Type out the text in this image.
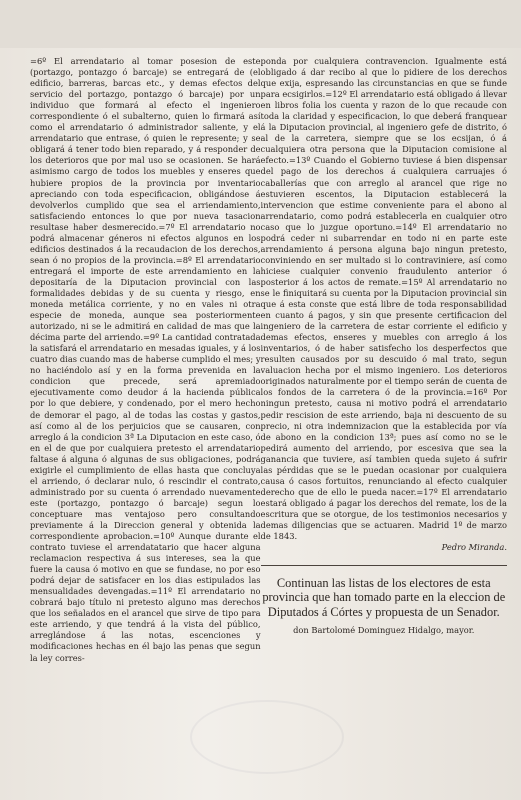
=6º El arrendatario al tomar posesion de este (portazgo, pontazgo ó barcaje) se entregará de (el edificio, barreras, barcas etc., y demas efectos del servicio del portazgo, pontazgo ó barcaje) por un individuo que formará al efecto el ingeniero correspondiente ó el subalterno, quien lo firmará así como el arrendatario ó administrador saliente, y el arrendatario que entrase, ó quien le represente; y se obligará á tener todo bien reparado, y á responder de los deterioros que por mal uso se ocasionen. Se hará asimismo cargo de todos los muebles y enseres que hubiere propios de la provincia por inventario apreciando con toda especificacion, obligándose á devolverlos cumplido que sea el arriendamiento, satisfaciendo entonces lo que por nueva tasacion resultase haber desmerecido.=7º El arrendatario no podrá almacenar géneros ni efectos algunos en los edificios destinados á la recaudacion de los derechos, sean ó no propios de la provincia.=8º El arrendatario entregará el importe de este arrendamiento en la depositaría de la Diputacion provincial con las formalidades debidas y de su cuenta y riesgo, en moneda metálica corriente, y no en vales ni otra especie de moneda, aunque sea posteriormente autorizado, ni se le admitirá en calidad de mas que la décima parte del arriendo.=9º La cantidad contratada la satisfará el arrendatario en mesadas iguales, y á los cuatro dias cuando mas de haberse cumplido el mes; y no haciéndolo así y en la forma prevenida en la condicion que precede, será apremiado ejecutivamente como deudor á la hacienda pública por lo que debiere, y condenado, por el mero hecho de demorar el pago, al de todas las costas y gastos, así como al de los perjuicios que se causaren, con arreglo á la condicion 3ª La Diputacion en este caso, ó en el de que por cualquiera pretesto el arrendatario faltase á alguna ó algunas de sus obligaciones, podrá exigirle el cumplimiento de ellas hasta que concluya el arriendo, ó declarar nulo, ó rescindir el contrato, administrado por su cuenta ó arrendado nuevamente este (portazgo, pontazgo ó barcaje) segun lo conceptuare mas ventajoso pero consultando previamente á la Direccion general y obtenida la correspondiente aprobacion.=10º Aunque durante el contrato tuviese el arrendatatario que hacer alguna reclamacion respectiva á sus intereses, sea la que fuere la causa ó motivo en que se fundase, no por eso podrá dejar de satisfacer en los dias estipulados las mensualidades devengadas.=11º El arrendatario no cobrará bajo título ni pretesto alguno mas derechos que los señalados en el arancel que sirve de tipo para este arriendo, y que tendrá á la vista del público, arreglándose á las notas, escenciones y modificaciones hechas en él bajo las penas que segun la ley corres-

ponda por cualquiera contravencion. Igualmente está obligado á dar recibo al que lo pidiere de los derechos que exija, espresando las circunstancias en que se funde para ecsigirlos.=12º El arrendatario está obligado á llevar en libros folia los cuenta y razon de lo que recaude con toda la claridad y especificacion, lo que deberá franquear á la Diputacion provincial, al ingeniero gefe de distrito, ó al de la carretera, siempre que se los ecsijan, ó á cualquiera otra persona que la Diputacion comisione al efecto.=13º Cuando el Gobierno tuviese á bien dispensar del pago de los derechos á cualquiera carruajes ó caballerías que con arreglo al arancel que rige no estuvieren escentos, la Diputacion establecerá la intervencion que estime conveniente para el abono al arrendatario, como podrá establecerla en cualquier otro caso que lo juzgue oportuno.=14º El arrendatario no podrá ceder ni subarrendar en todo ni en parte este arrendamiento á persona alguna bajo ningun pretesto, conviniendo en ser multado si lo contraviniere, así como hiciese cualquier convenio fraudulento anterior ó posterior á los actos de remate.=15º Al arrendatario no se le finiquitará su cuenta por la Diputacion provincial sin que á esta conste que está libre de toda responsabilidad en cuanto á pagos, y sin que presente certificacion del ingeniero de la carretera de estar corriente el edificio y demas efectos, enseres y muebles con arreglo á los inventarios, ó de haber satisfecho los desperfectos que resulten causados por su descuido ó mal trato, segun valuacion hecha por el mismo ingeniero. Los deterioros originados naturalmente por el tiempo serán de cuenta de los fondos de la carretera ó de la provincia.=16º Por ningun pretesto, causa ni motivo podrá el arrendatario pedir rescision de este arriendo, baja ni descuento de su precio, ni otra indemnizacion que la establecida por vía de abono en la condicion 13ª; pues así como no se le pedirá aumento del arriendo, por escesiva que sea la ganancia que tuviere, así tambien queda sujeto á sufrir las pérdidas que se le puedan ocasionar por cualquiera causa ó casos fortuitos, renunciando al efecto cualquier derecho que de ello le pueda nacer.=17º El arrendatario estará obligado á pagar los derechos del remate, los de la escritura que se otorgue, de los testimonios necesarios y demas diligencias que se actuaren. Madrid 1º de marzo de 1843.

Pedro Miranda.

Continuan las listas de los electores de esta provincia que han tomado parte en la eleccion de Diputados á Córtes y propuesta de un Senador.

don Bartolomé Dominguez Hidalgo, mayor.
